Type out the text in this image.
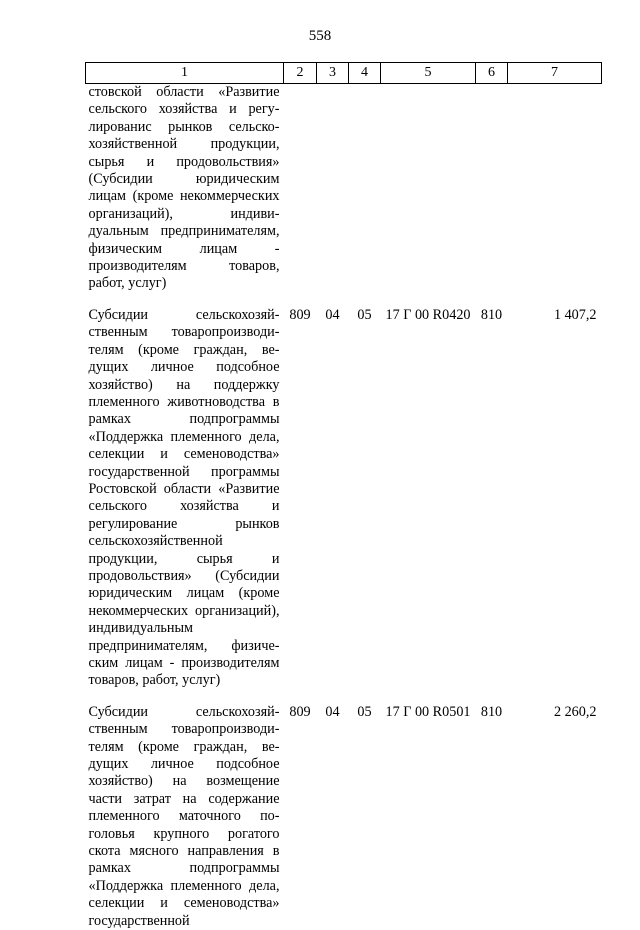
558
1	2	3	4	5	6	7
стовской области «Развитие сельского хозяйства и регулированис рынков сельскохозяйственной продукции, сырья и продовольствия» (Субсидии юридическим лицам (кроме некоммерческих организаций), индивидуальным предпринимателям, физическим лицам - производителям товаров, работ, услуг)						

Субсидии сельскохозяйственным товаропроизводителям (кроме граждан, ведущих личное подсобное хозяйство) на поддержку племенного животноводства в рамках подпрограммы «Поддержка племенного дела, селекции и семеноводства» государственной программы Ростовской области «Развитие сельского хозяйства и регулирование рынков сельскохозяйственной продукции, сырья и продовольствия» (Субсидии юридическим лицам (кроме некоммерческих организаций), индивидуальным предпринимателям, физическим лицам - производителям товаров, работ, услуг)	809	04	05	17 Г 00 R0420	810	1 407,2

Субсидии сельскохозяйственным товаропроизводителям (кроме граждан, ведущих личное подсобное хозяйство) на возмещение части затрат на содержание племенного маточного поголовья крупного рогатого скота мясного направления в рамках подпрограммы «Поддержка племенного дела, селекции и семеноводства» государственной	809	04	05	17 Г 00 R0501	810	2 260,2
